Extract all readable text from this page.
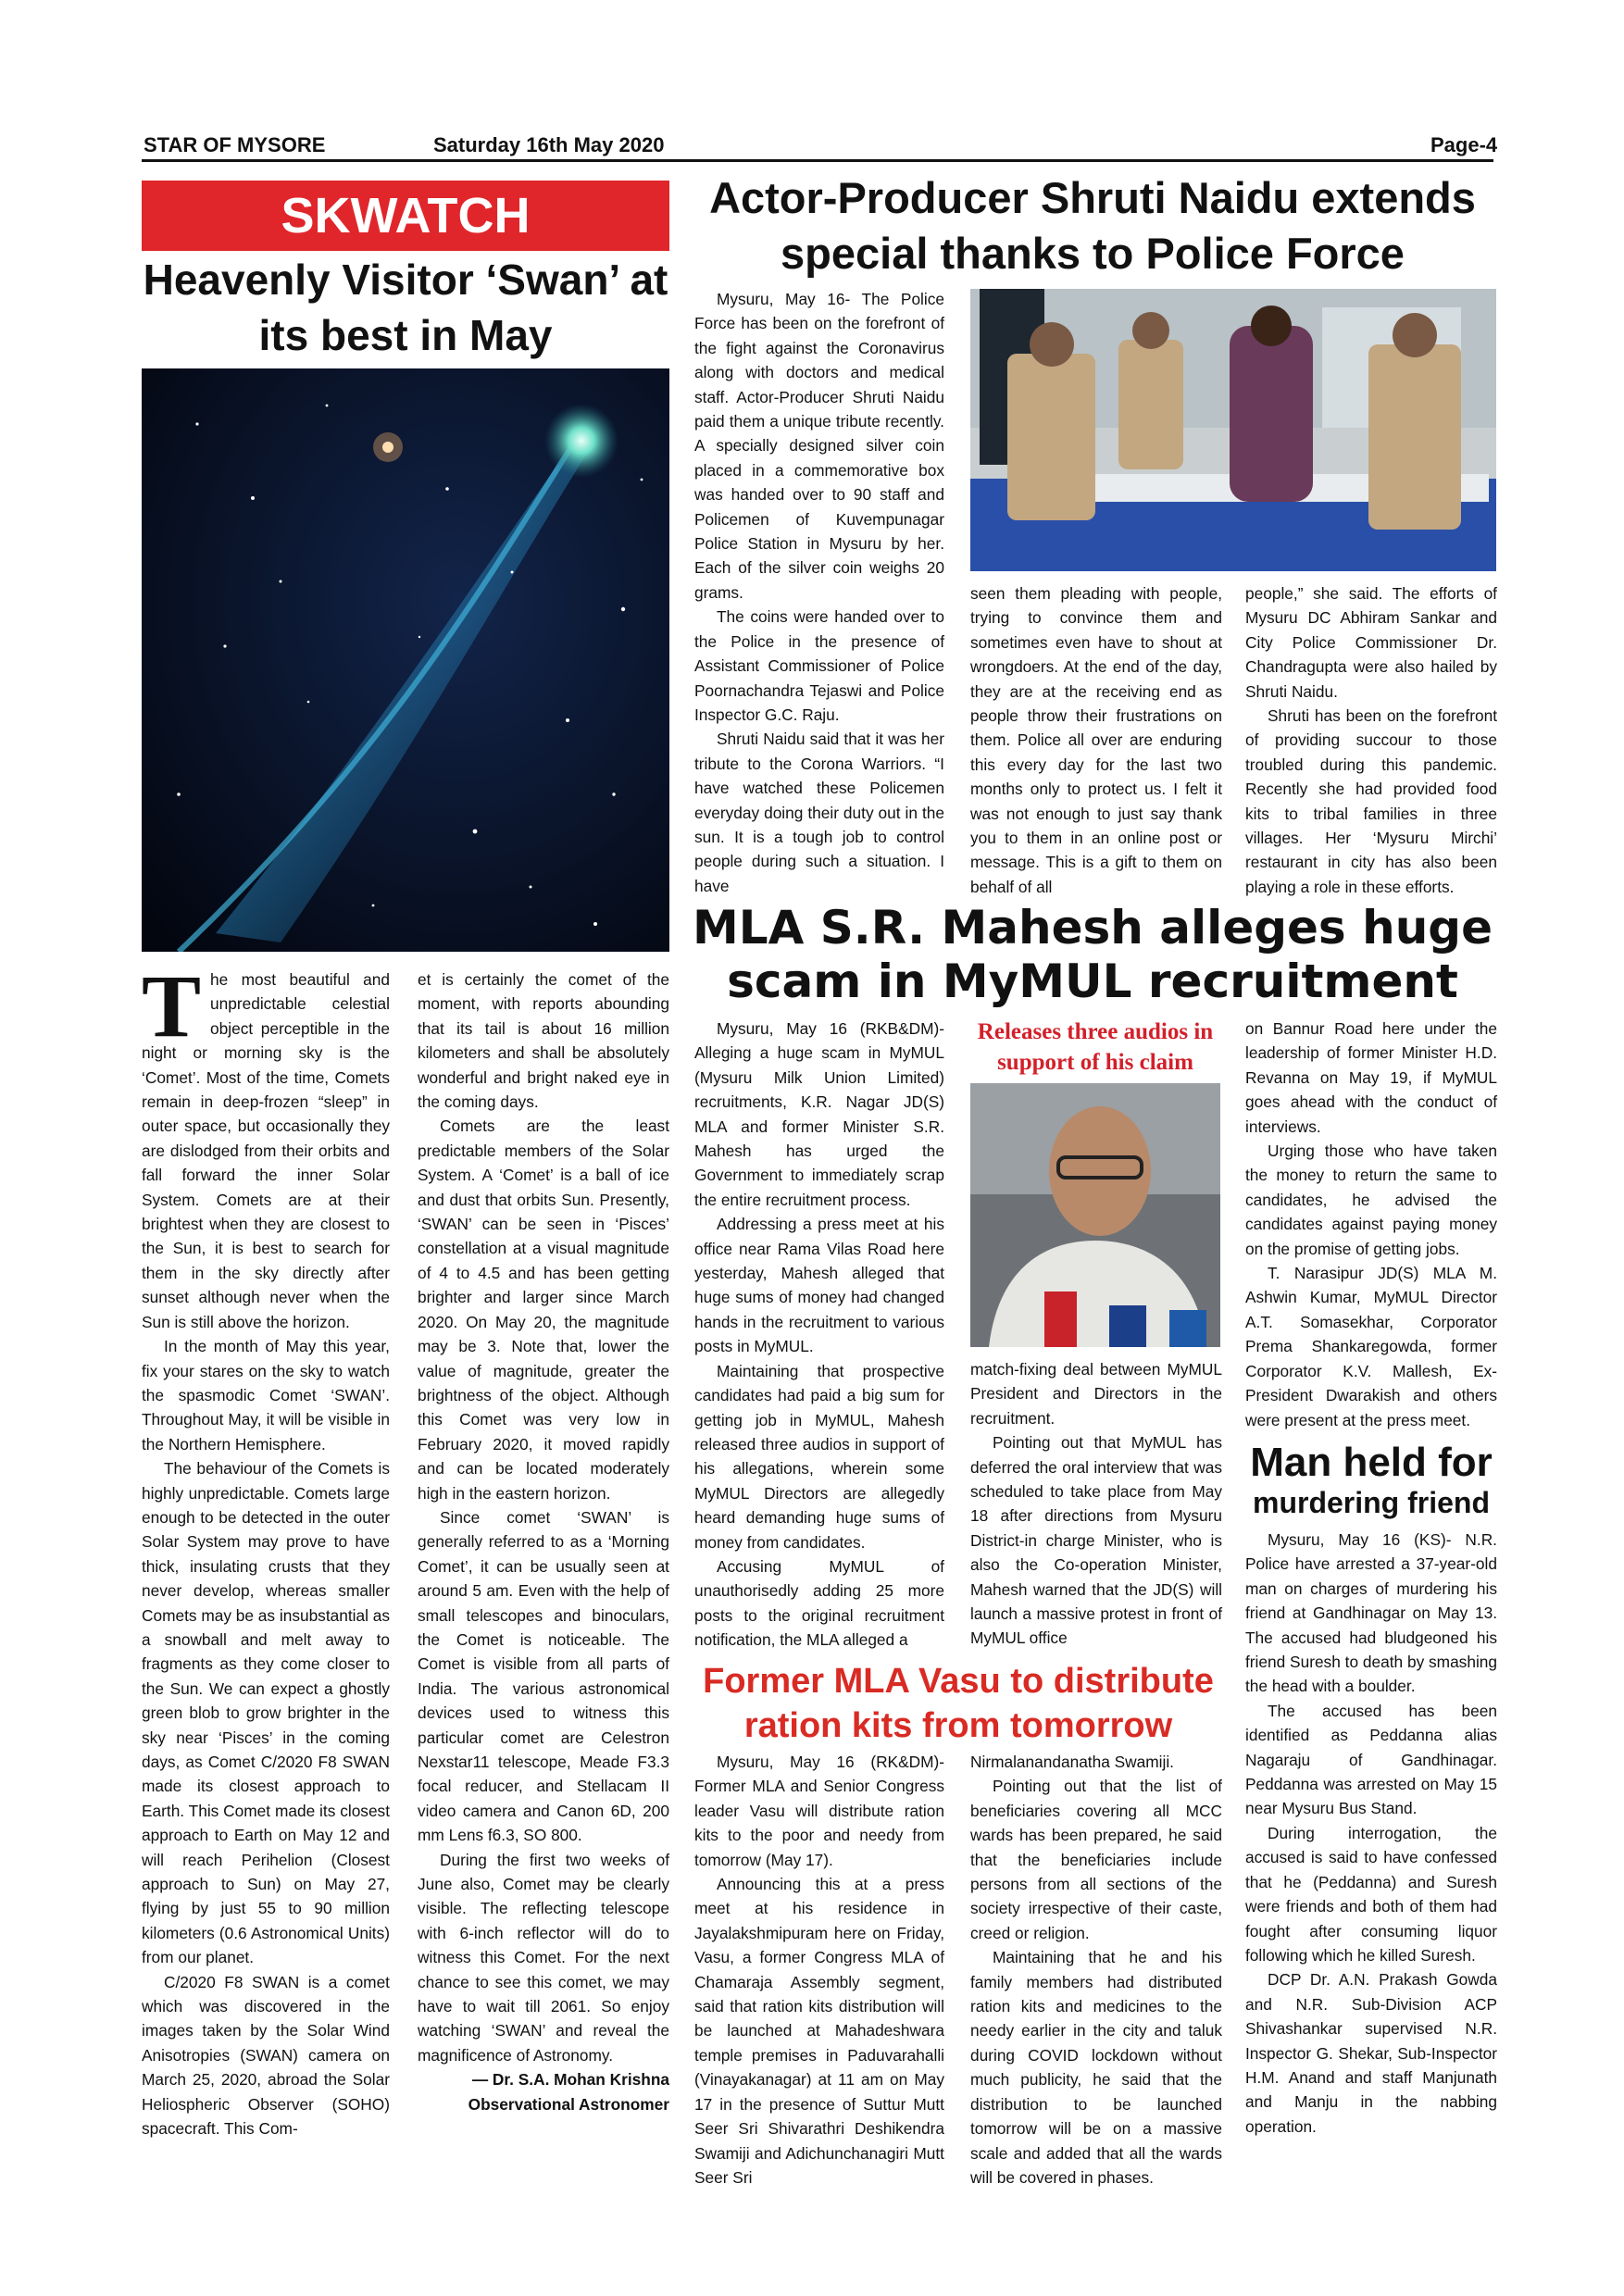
STAR OF MYSORE	Saturday 16th May 2020	Page-4
SKWATCH
Heavenly Visitor ‘Swan’ at its best in May

The most beautiful and unpredictable celestial object perceptible in the night or morning sky is the ‘Comet’. Most of the time, Comets remain in deep-frozen “sleep” in outer space, but occasionally they are dislodged from their orbits and fall forward the inner Solar System. Comets are at their brightest when they are closest to the Sun, it is best to search for them in the sky directly after sunset although never when the Sun is still above the horizon.

In the month of May this year, fix your stares on the sky to watch the spasmodic Comet ‘SWAN’. Throughout May, it will be visible in the Northern Hemisphere.

The behaviour of the Comets is highly unpredictable. Comets large enough to be detected in the outer Solar System may prove to have thick, insulating crusts that they never develop, whereas smaller Comets may be as insubstantial as a snowball and melt away to fragments as they come closer to the Sun. We can expect a ghostly green blob to grow brighter in the sky near ‘Pisces’ in the coming days, as Comet C/2020 F8 SWAN made its closest approach to Earth. This Comet made its closest approach to Earth on May 12 and will reach Perihelion (Closest approach to Sun) on May 27, flying by just 55 to 90 million kilometers (0.6 Astronomical Units) from our planet.

C/2020 F8 SWAN is a comet which was discovered in the images taken by the Solar Wind Anisotropies (SWAN) camera on March 25, 2020, abroad the Solar Heliospheric Observer (SOHO) spacecraft. This Com-

et is certainly the comet of the moment, with reports abounding that its tail is about 16 million kilometers and shall be absolutely wonderful and bright naked eye in the coming days.

Comets are the least predictable members of the Solar System. A ‘Comet’ is a ball of ice and dust that orbits Sun. Presently, ‘SWAN’ can be seen in ‘Pisces’ constellation at a visual magnitude of 4 to 4.5 and has been getting brighter and larger since March 2020. On May 20, the magnitude may be 3. Note that, lower the value of magnitude, greater the brightness of the object. Although this Comet was very low in February 2020, it moved rapidly and can be located moderately high in the eastern horizon.

Since comet ‘SWAN’ is generally referred to as a ‘Morning Comet’, it can be usually seen at around 5 am. Even with the help of small telescopes and binoculars, the Comet is noticeable. The Comet is visible from all parts of India. The various astronomical devices used to witness this particular comet are Celestron Nexstar11 telescope, Meade F3.3 focal reducer, and Stellacam II video camera and Canon 6D, 200 mm Lens f6.3, SO 800.

During the first two weeks of June also, Comet may be clearly visible. The reflecting telescope with 6-inch reflector will do to witness this Comet. For the next chance to see this comet, we may have to wait till 2061. So enjoy watching ‘SWAN’ and reveal the magnificence of Astronomy.

— Dr. S.A. Mohan Krishna

Observational Astronomer

Actor-Producer Shruti Naidu extends special thanks to Police Force

Mysuru, May 16- The Police Force has been on the forefront of the fight against the Coronavirus along with doctors and medical staff. Actor-Producer Shruti Naidu paid them a unique tribute recently. A specially designed silver coin placed in a commemorative box was handed over to 90 staff and Policemen of Kuvempunagar Police Station in Mysuru by her. Each of the silver coin weighs 20 grams.

The coins were handed over to the Police in the presence of Assistant Commissioner of Police Poornachandra Tejaswi and Police Inspector G.C. Raju.

Shruti Naidu said that it was her tribute to the Corona Warriors. “I have watched these Policemen everyday doing their duty out in the sun. It is a tough job to control people during such a situation. I have

seen them pleading with people, trying to convince them and sometimes even have to shout at wrongdoers. At the end of the day, they are at the receiving end as people throw their frustrations on them. Police all over are enduring this every day for the last two months only to protect us. I felt it was not enough to just say thank you to them in an online post or message. This is a gift to them on behalf of all

people,” she said. The efforts of Mysuru DC Abhiram Sankar and City Police Commissioner Dr. Chandragupta were also hailed by Shruti Naidu.

Shruti has been on the forefront of providing succour to those troubled during this pandemic. Recently she had provided food kits to tribal families in three villages. Her ‘Mysuru Mirchi’ restaurant in city has also been playing a role in these efforts.

MLA S.R. Mahesh alleges huge scam in MyMUL recruitment

Mysuru, May 16 (RKB&DM)- Alleging a huge scam in MyMUL (Mysuru Milk Union Limited) recruitments, K.R. Nagar JD(S) MLA and former Minister S.R. Mahesh has urged the Government to immediately scrap the entire recruitment process.

Addressing a press meet at his office near Rama Vilas Road here yesterday, Mahesh alleged that huge sums of money had changed hands in the recruitment to various posts in MyMUL.

Maintaining that prospective candidates had paid a big sum for getting job in MyMUL, Mahesh released three audios in support of his allegations, wherein some MyMUL Directors are allegedly heard demanding huge sums of money from candidates.

Accusing MyMUL of unauthorisedly adding 25 more posts to the original recruitment notification, the MLA alleged a

Releases three audios in support of his claim

match-fixing deal between MyMUL President and Directors in the recruitment.

Pointing out that MyMUL has deferred the oral interview that was scheduled to take place from May 18 after directions from Mysuru District-in charge Minister, who is also the Co-operation Minister, Mahesh warned that the JD(S) will launch a massive protest in front of MyMUL office

on Bannur Road here under the leadership of former Minister H.D. Revanna on May 19, if MyMUL goes ahead with the conduct of interviews.

Urging those who have taken the money to return the same to candidates, he advised the candidates against paying money on the promise of getting jobs.

T. Narasipur JD(S) MLA M. Ashwin Kumar, MyMUL Director A.T. Somasekhar, Corporator Prema Shankaregowda, former Corporator K.V. Mallesh, Ex-President Dwarakish and others were present at the press meet.

Man held for
murdering friend

Mysuru, May 16 (KS)- N.R. Police have arrested a 37-year-old man on charges of murdering his friend at Gandhinagar on May 13. The accused had bludgeoned his friend Suresh to death by smashing the head with a boulder.

The accused has been identified as Peddanna alias Nagaraju of Gandhinagar. Peddanna was arrested on May 15 near Mysuru Bus Stand.

During interrogation, the accused is said to have confessed that he (Peddanna) and Suresh were friends and both of them had fought after consuming liquor following which he killed Suresh.

DCP Dr. A.N. Prakash Gowda and N.R. Sub-Division ACP Shivashankar supervised N.R. Inspector G. Shekar, Sub-Inspector H.M. Anand and staff Manjunath and Manju in the nabbing operation.

Former MLA Vasu to distribute ration kits from tomorrow

Mysuru, May 16 (RK&DM)- Former MLA and Senior Congress leader Vasu will distribute ration kits to the poor and needy from tomorrow (May 17).

Announcing this at a press meet at his residence in Jayalakshmipuram here on Friday, Vasu, a former Congress MLA of Chamaraja Assembly segment, said that ration kits distribution will be launched at Mahadeshwara temple premises in Paduvarahalli (Vinayakanagar) at 11 am on May 17 in the presence of Suttur Mutt Seer Sri Shivarathri Deshikendra Swamiji and Adichunchanagiri Mutt Seer Sri

Nirmalanandanatha Swamiji.

Pointing out that the list of beneficiaries covering all MCC wards has been prepared, he said that the beneficiaries include persons from all sections of the society irrespective of their caste, creed or religion.

Maintaining that he and his family members had distributed ration kits and medicines to the needy earlier in the city and taluk during COVID lockdown without much publicity, he said that the distribution to be launched tomorrow will be on a massive scale and added that all the wards will be covered in phases.
